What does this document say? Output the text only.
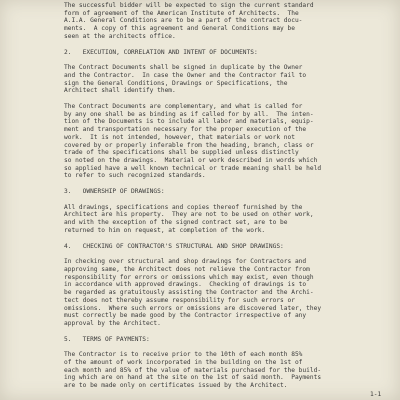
The successful bidder will be expected to sign the current standard
form of agreement of the American Institute of Architects.  The
A.I.A. General Conditions are to be a part of the contract docu-
ments.  A copy of this agreement and General Conditions may be
seen at the architects office.
2.   EXECUTION, CORRELATION AND INTENT OF DOCUMENTS:
The Contract Documents shall be signed in duplicate by the Owner
and the Contractor.  In case the Owner and the Contractor fail to
sign the General Conditions, Drawings or Specifications, the
Architect shall identify them.
The Contract Documents are complementary, and what is called for
by any one shall be as binding as if called for by all.  The inten-
tion of the Documents is to include all labor and materials, equip-
ment and transportation necessary for the proper execution of the
work.  It is not intended, however, that materials or work not
covered by or properly inferable from the heading, branch, class or
trade of the specifications shall be supplied unless distinctly
so noted on the drawings.  Material or work described in words which
so applied have a well known technical or trade meaning shall be held
to refer to such recognized standards.
3.   OWNERSHIP OF DRAWINGS:
All drawings, specifications and copies thereof furnished by the
Architect are his property.  They are not to be used on other work,
and with the exception of the signed contract set, are to be
returned to him on request, at completion of the work.
4.   CHECKING OF CONTRACTOR'S STRUCTURAL AND SHOP DRAWINGS:
In checking over structural and shop drawings for Contractors and
approving same, the Architect does not relieve the Contractor from
responsibility for errors or omissions which may exist, even though
in accordance with approved drawings.  Checking of drawings is to
be regarded as gratuitously assisting the Contractor and the Archi-
tect does not thereby assume responsibility for such errors or
omissions.  Where such errors or omissions are discovered later, they
must correctly be made good by the Contractor irrespective of any
approval by the Architect.
5.   TERMS OF PAYMENTS:
The Contractor is to receive prior to the 10th of each month 85%
of the amount of work incorporated in the building on the 1st of
each month and 85% of the value of materials purchased for the build-
ing which are on hand at the site on the 1st of said month.  Payments
are to be made only on certificates issued by the Architect.
1-1
